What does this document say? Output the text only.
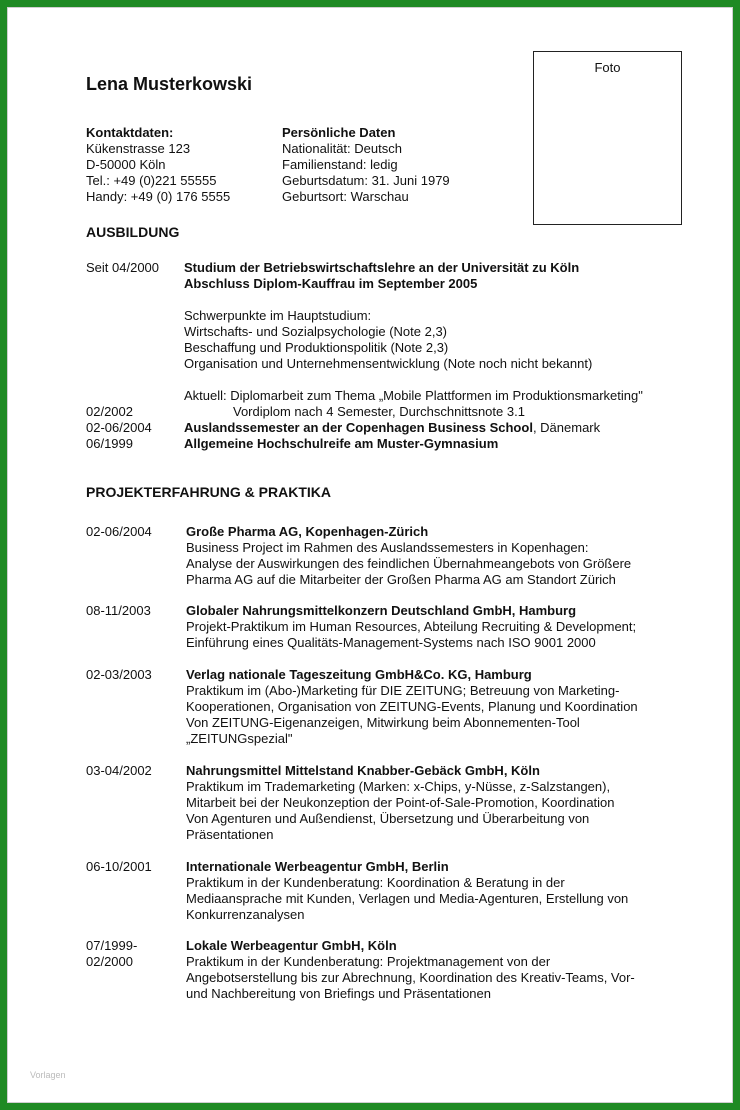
Lena Musterkowski
Foto
Kontaktdaten:
Kükenstrasse 123
D-50000 Köln
Tel.: +49 (0)221 55555
Handy: +49 (0) 176 5555
Persönliche Daten
Nationalität: Deutsch
Familienstand: ledig
Geburtsdatum: 31. Juni 1979
Geburtsort: Warschau
AUSBILDUNG
Seit 04/2000 Studium der Betriebswirtschaftslehre an der Universität zu Köln
Abschluss Diplom-Kauffrau im September 2005
Schwerpunkte im Hauptstudium:
Wirtschafts- und Sozialpsychologie (Note 2,3)
Beschaffung und Produktionspolitik (Note 2,3)
Organisation und Unternehmensentwicklung (Note noch nicht bekannt)
Aktuell: Diplomarbeit zum Thema „Mobile Plattformen im Produktionsmarketing"
02/2002	Vordiplom nach 4 Semester, Durchschnittsnote 3.1
02-06/2004 Auslandssemester an der Copenhagen Business School, Dänemark
06/1999	Allgemeine Hochschulreife am Muster-Gymnasium
PROJEKTERFAHRUNG & PRAKTIKA
02-06/2004	Große Pharma AG, Kopenhagen-Zürich
Business Project im Rahmen des Auslandssemesters in Kopenhagen:
Analyse der Auswirkungen des feindlichen Übernahmeangebots von Größere
Pharma AG auf die Mitarbeiter der Großen Pharma AG am Standort Zürich
08-11/2003	Globaler Nahrungsmittelkonzern Deutschland GmbH, Hamburg
Projekt-Praktikum im Human Resources, Abteilung Recruiting & Development;
Einführung eines Qualitäts-Management-Systems nach ISO 9001 2000
02-03/2003	Verlag nationale Tageszeitung GmbH&Co. KG, Hamburg
Praktikum im (Abo-)Marketing für DIE ZEITUNG; Betreuung von Marketing-
Kooperationen, Organisation von ZEITUNG-Events, Planung und Koordination
Von ZEITUNG-Eigenanzeigen, Mitwirkung beim Abonnementen-Tool
„ZEITUNGspezial"
03-04/2002	Nahrungsmittel Mittelstand Knabber-Gebäck GmbH, Köln
Praktikum im Trademarketing (Marken: x-Chips, y-Nüsse, z-Salzstangen),
Mitarbeit bei der Neukonzeption der Point-of-Sale-Promotion, Koordination
Von Agenturen und Außendienst, Übersetzung und Überarbeitung von
Präsentationen
06-10/2001	Internationale Werbeagentur GmbH, Berlin
Praktikum in der Kundenberatung: Koordination & Beratung in der
Mediaansprache mit Kunden, Verlagen und Media-Agenturen, Erstellung von
Konkurrenzanalysen
07/1999-
02/2000
Lokale Werbeagentur GmbH, Köln
Praktikum in der Kundenberatung: Projektmanagement von der
Angebotserstellung bis zur Abrechnung, Koordination des Kreativ-Teams, Vor-
und Nachbereitung von Briefings und Präsentationen
Vorlagen
